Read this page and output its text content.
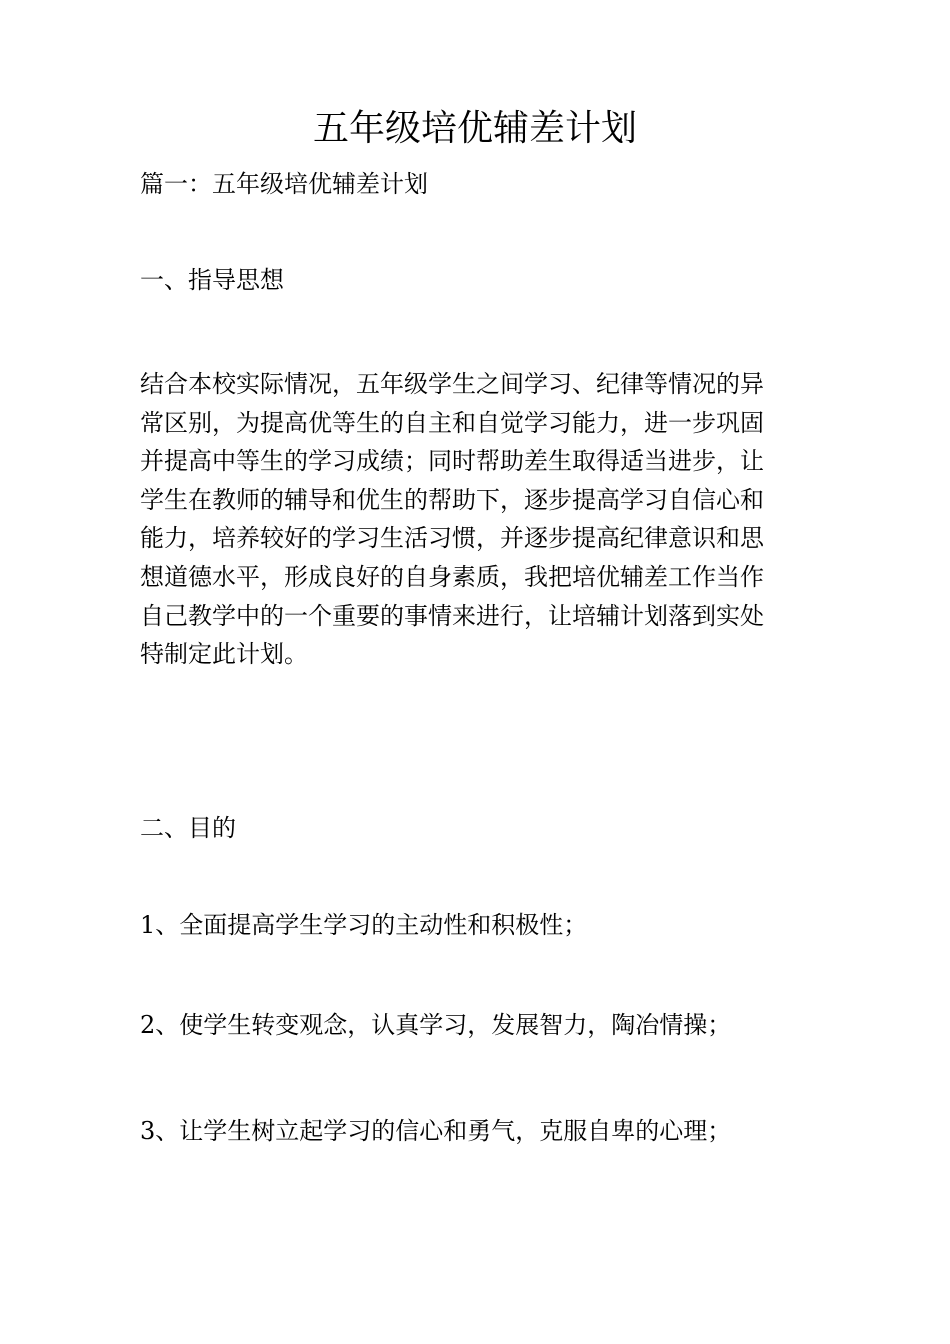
五年级培优辅差计划

篇一：五年级培优辅差计划

一、指导思想

结合本校实际情况，五年级学生之间学习、纪律等情况的异
常区别，为提高优等生的自主和自觉学习能力，进一步巩固
并提高中等生的学习成绩；同时帮助差生取得适当进步，让
学生在教师的辅导和优生的帮助下，逐步提高学习自信心和
能力，培养较好的学习生活习惯，并逐步提高纪律意识和思
想道德水平，形成良好的自身素质，我把培优辅差工作当作
自己教学中的一个重要的事情来进行，让培辅计划落到实处
特制定此计划。

二、目的

1、全面提高学生学习的主动性和积极性；

2、使学生转变观念，认真学习，发展智力，陶冶情操；

3、让学生树立起学习的信心和勇气，克服自卑的心理；
